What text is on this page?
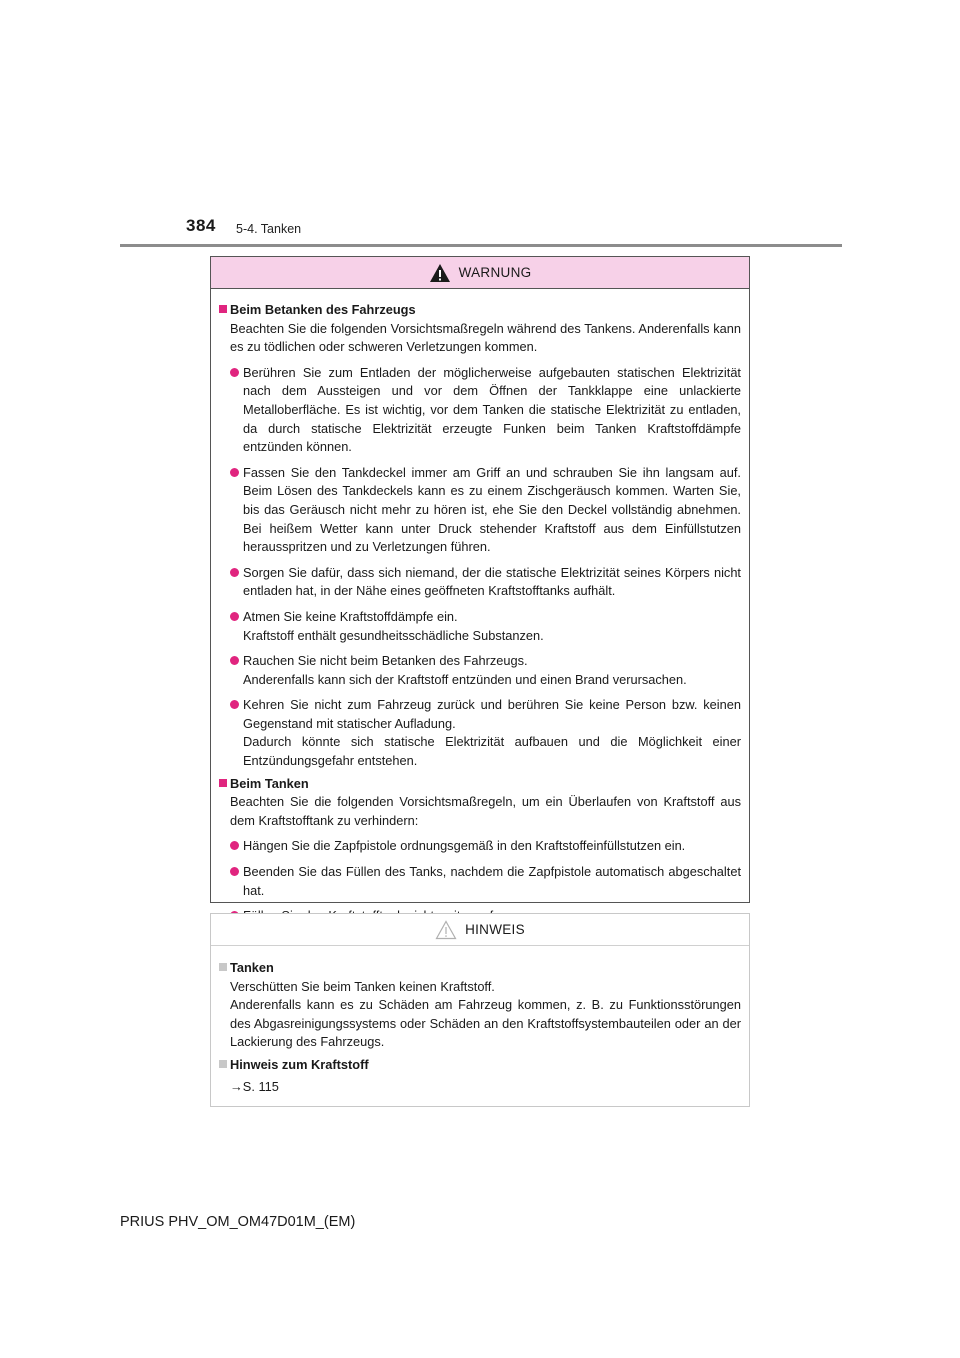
384 5-4. Tanken
WARNUNG
Beim Betanken des Fahrzeugs
Beachten Sie die folgenden Vorsichtsmaßregeln während des Tankens. Anderenfalls kann es zu tödlichen oder schweren Verletzungen kommen.
Berühren Sie zum Entladen der möglicherweise aufgebauten statischen Elektrizität nach dem Aussteigen und vor dem Öffnen der Tankklappe eine unlackierte Metalloberfläche. Es ist wichtig, vor dem Tanken die statische Elektrizität zu entladen, da durch statische Elektrizität erzeugte Funken beim Tanken Kraftstoffdämpfe entzünden können.
Fassen Sie den Tankdeckel immer am Griff an und schrauben Sie ihn langsam auf. Beim Lösen des Tankdeckels kann es zu einem Zischgeräusch kommen. Warten Sie, bis das Geräusch nicht mehr zu hören ist, ehe Sie den Deckel vollständig abnehmen. Bei heißem Wetter kann unter Druck stehender Kraftstoff aus dem Einfüllstutzen herausspritzen und zu Verletzungen führen.
Sorgen Sie dafür, dass sich niemand, der die statische Elektrizität seines Körpers nicht entladen hat, in der Nähe eines geöffneten Kraftstofftanks aufhält.
Atmen Sie keine Kraftstoffdämpfe ein.
Kraftstoff enthält gesundheitsschädliche Substanzen.
Rauchen Sie nicht beim Betanken des Fahrzeugs.
Anderenfalls kann sich der Kraftstoff entzünden und einen Brand verursachen.
Kehren Sie nicht zum Fahrzeug zurück und berühren Sie keine Person bzw. keinen Gegenstand mit statischer Aufladung.
Dadurch könnte sich statische Elektrizität aufbauen und die Möglichkeit einer Entzündungsgefahr entstehen.
Beim Tanken
Beachten Sie die folgenden Vorsichtsmaßregeln, um ein Überlaufen von Kraftstoff aus dem Kraftstofftank zu verhindern:
Hängen Sie die Zapfpistole ordnungsgemäß in den Kraftstoffeinfüllstutzen ein.
Beenden Sie das Füllen des Tanks, nachdem die Zapfpistole automatisch abgeschaltet hat.
HINWEIS
Tanken
Verschütten Sie beim Tanken keinen Kraftstoff.
Anderenfalls kann es zu Schäden am Fahrzeug kommen, z. B. zu Funktionsstörungen des Abgasreinigungssystems oder Schäden an den Kraftstoffsystembauteilen oder an der Lackierung des Fahrzeugs.
Hinweis zum Kraftstoff
→S. 115
PRIUS PHV_OM_OM47D01M_(EM)
